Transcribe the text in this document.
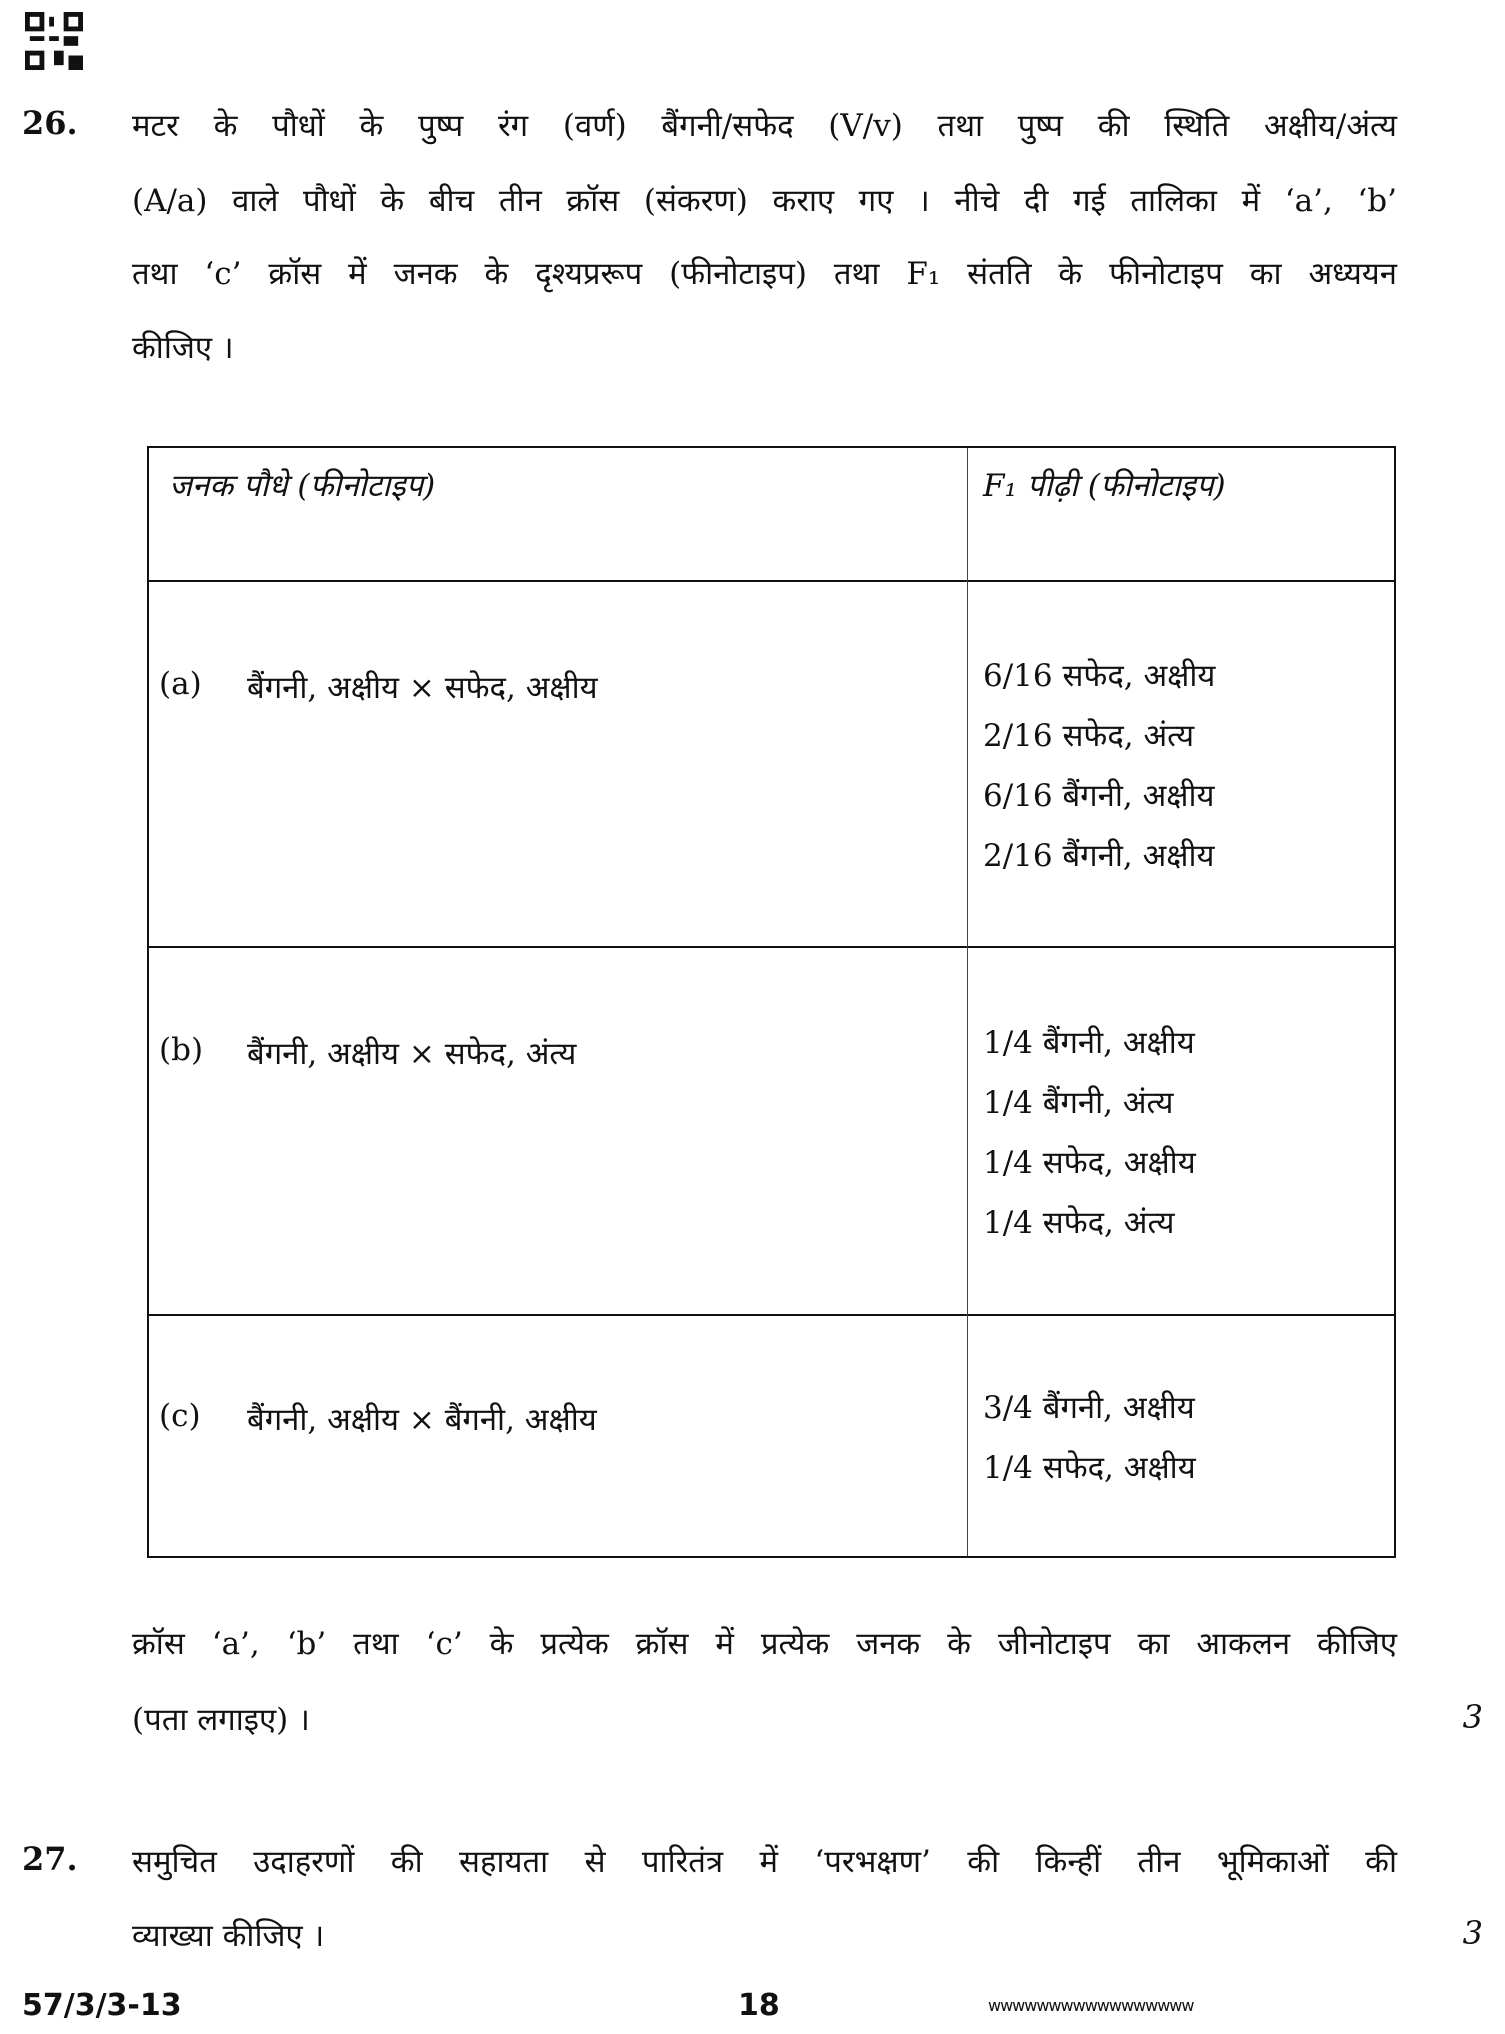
26. मटर के पौधों के पुष्प रंग (वर्ण) बैंगनी/सफेद (V/v) तथा पुष्प की स्थिति अक्षीय/अंत्य
(A/a) वाले पौधों के बीच तीन क्रॉस (संकरण) कराए गए । नीचे दी गई तालिका में ‘a’, ‘b’
तथा ‘c’ क्रॉस में जनक के दृश्यप्ररूप (फीनोटाइप) तथा F₁ संतति के फीनोटाइप का अध्ययन
कीजिए ।
जनक पौधे (फीनोटाइप)	F₁ पीढ़ी (फीनोटाइप)
(a) बैंगनी, अक्षीय × सफेद, अक्षीय	6/16 सफेद, अक्षीय
2/16 सफेद, अंत्य
6/16 बैंगनी, अक्षीय
2/16 बैंगनी, अक्षीय
(b) बैंगनी, अक्षीय × सफेद, अंत्य	1/4 बैंगनी, अक्षीय
1/4 बैंगनी, अंत्य
1/4 सफेद, अक्षीय
1/4 सफेद, अंत्य
(c) बैंगनी, अक्षीय × बैंगनी, अक्षीय	3/4 बैंगनी, अक्षीय
1/4 सफेद, अक्षीय
क्रॉस ‘a’, ‘b’ तथा ‘c’ के प्रत्येक क्रॉस में प्रत्येक जनक के जीनोटाइप का आकलन कीजिए
(पता लगाइए) ।	3
27. समुचित उदाहरणों की सहायता से पारितंत्र में ‘परभक्षण’ की किन्हीं तीन भूमिकाओं की
व्याख्या कीजिए ।	3
57/3/3-13	18	wwwwwwwwwwwwwwwww
